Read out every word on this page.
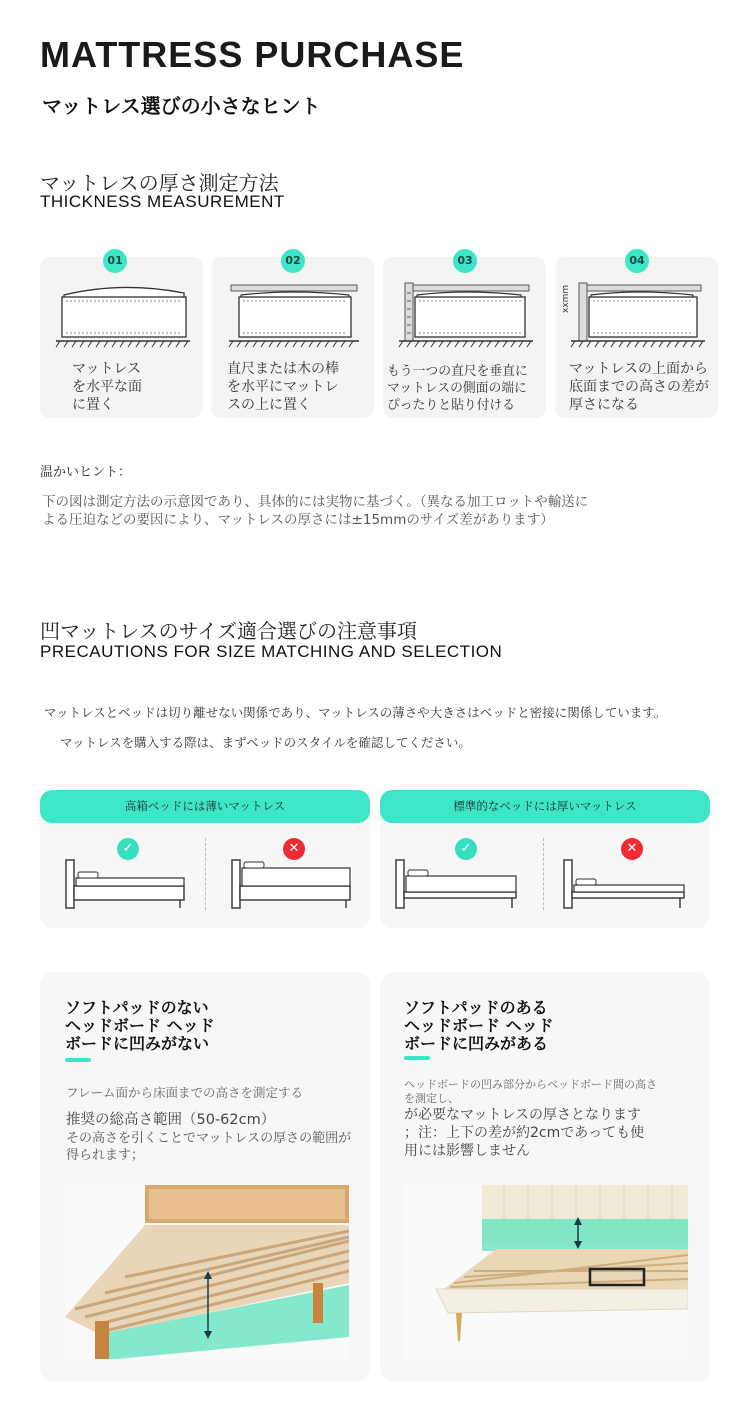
MATTRESS PURCHASE
マットレス選びの小さなヒント
マットレスの厚さ測定方法
THICKNESS MEASUREMENT
01
マットレス
を水平な面
に置く
02
直尺または木の棒
を水平にマットレ
スの上に置く
03
もう一つの直尺を垂直に
マットレスの側面の端に
ぴったりと貼り付ける
04
xxmm
マットレスの上面から
底面までの高さの差が
厚さになる
温かいヒント：
下の図は測定方法の示意図であり、具体的には実物に基づく。（異なる加工ロットや輸送に
よる圧迫などの要因により、マットレスの厚さには±15mmのサイズ差があります）
凹マットレスのサイズ適合選びの注意事項
PRECAUTIONS FOR SIZE MATCHING AND SELECTION
マットレスとベッドは切り離せない関係であり、マットレスの薄さや大きさはベッドと密接に関係しています。
マットレスを購入する際は、まずベッドのスタイルを確認してください。
高箱ベッドには薄いマットレス
✓	✕
標準的なベッドには厚いマットレス
✓	✕
ソフトパッドのない
ヘッドボード ヘッド
ボードに凹みがない
フレーム面から床面までの高さを測定する
推奨の総高さ範囲（50-62cm）
その高さを引くことでマットレスの厚さの範囲が
得られます；
ソフトパッドのある
ヘッドボード ヘッド
ボードに凹みがある
ヘッドボードの凹み部分からベッドボード間の高さ
を測定し、
が必要なマットレスの厚さとなります
；注：上下の差が約2cmであっても使
用には影響しません
